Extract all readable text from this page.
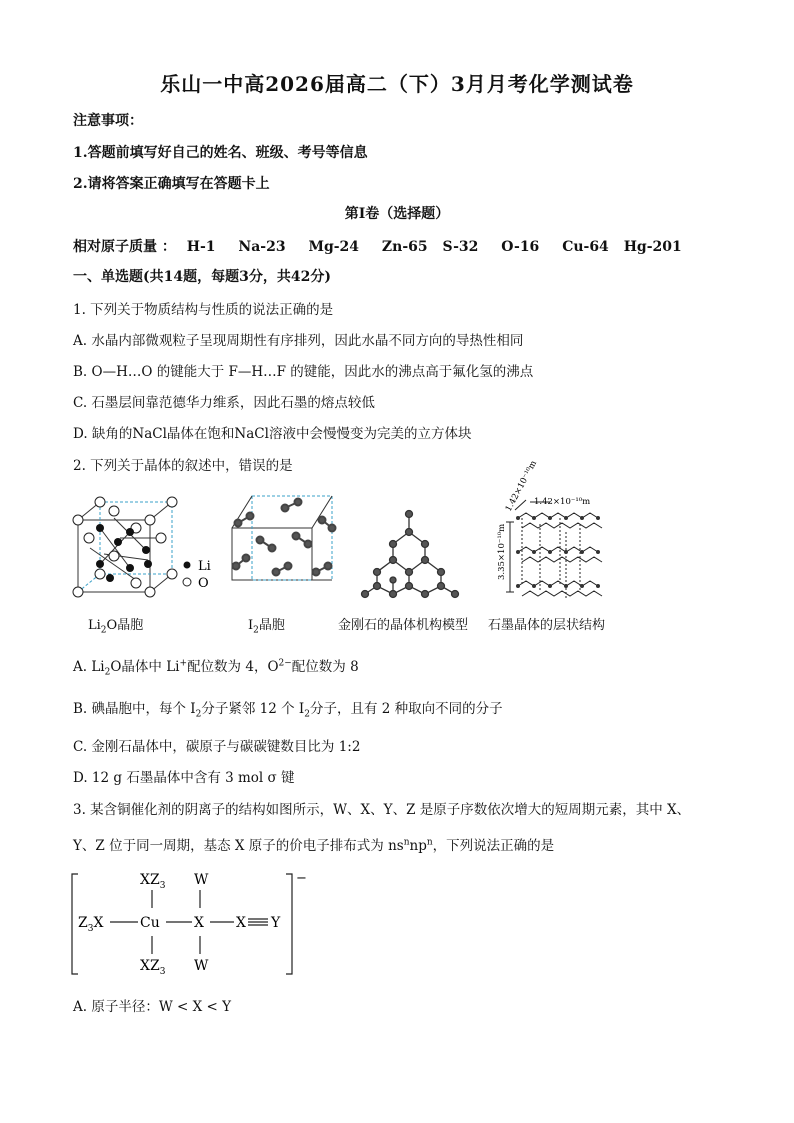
乐山一中高2026届高二（下）3月月考化学测试卷
注意事项：
1.答题前填写好自己的姓名、班级、考号等信息
2.请将答案正确填写在答题卡上
第I卷（选择题）
相对原子质量 ： H-1 Na-23 Mg-24 Zn-65 S-32 O-16 Cu-64 Hg-201
一、单选题(共14题，每题3分，共42分)
1. 下列关于物质结构与性质的说法正确的是
A. 水晶内部微观粒子呈现周期性有序排列，因此水晶不同方向的导热性相同
B. O—H…O 的键能大于 F—H…F 的键能，因此水的沸点高于氟化氢的沸点
C. 石墨层间靠范德华力维系，因此石墨的熔点较低
D. 缺角的NaCl晶体在饱和NaCl溶液中会慢慢变为完美的立方体块
2. 下列关于晶体的叙述中，错误的是
Li
O
1.42×10⁻¹⁰m
1.42×10⁻¹⁰m
3.35×10⁻¹⁰m
$Li_2O$晶胞	$I_2$晶胞	金刚石的晶体机构模型 石墨晶体的层状结构
A. $Li_2O$晶体中 Li+配位数为 4，$O^{2-}$配位数为 8
B. 碘晶胞中，每个 $I_2$分子紧邻 12 个 $I_2$分子，且有 2 种取向不同的分子
C. 金刚石晶体中，碳原子与碳碳键数目比为 1:2
D. 12 g 石墨晶体中含有 3 mol σ 键
3. 某含铜催化剂的阴离子的结构如图所示，W、X、Y、Z 是原子序数依次增大的短周期元素，其中 X、
Y、Z 位于同一周期，基态 X 原子的价电子排布式为 $ns^nnp^n$，下列说法正确的是
$XZ_3$ W
$Z_3X$	Cu X X Y
$XZ_3$ W
−
A. 原子半径：W < X < Y
